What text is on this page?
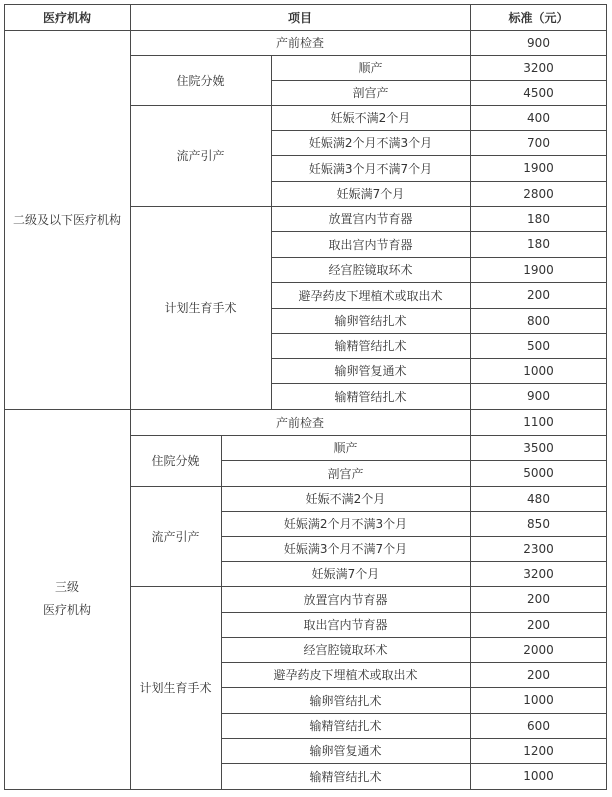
医疗机构	项目	标准（元）
二级及以下医疗机构
产前检查	900
住院分娩
顺产	3200
剖宫产	4500
流产引产
妊娠不满2个月	400
妊娠满2个月不满3个月	700
妊娠满3个月不满7个月	1900
妊娠满7个月	2800
计划生育手术
放置宫内节育器	180
取出宫内节育器	180
经宫腔镜取环术	1900
避孕药皮下埋植术或取出术	200
输卵管结扎术	800
输精管结扎术	500
输卵管复通术	1000
输精管结扎术	900
三级
医疗机构
产前检查	1100
住院分娩
顺产	3500
剖宫产	5000
流产引产
妊娠不满2个月	480
妊娠满2个月不满3个月	850
妊娠满3个月不满7个月	2300
妊娠满7个月	3200
计划生育手术
放置宫内节育器	200
取出宫内节育器	200
经宫腔镜取环术	2000
避孕药皮下埋植术或取出术	200
输卵管结扎术	1000
输精管结扎术	600
输卵管复通术	1200
输精管结扎术	1000
